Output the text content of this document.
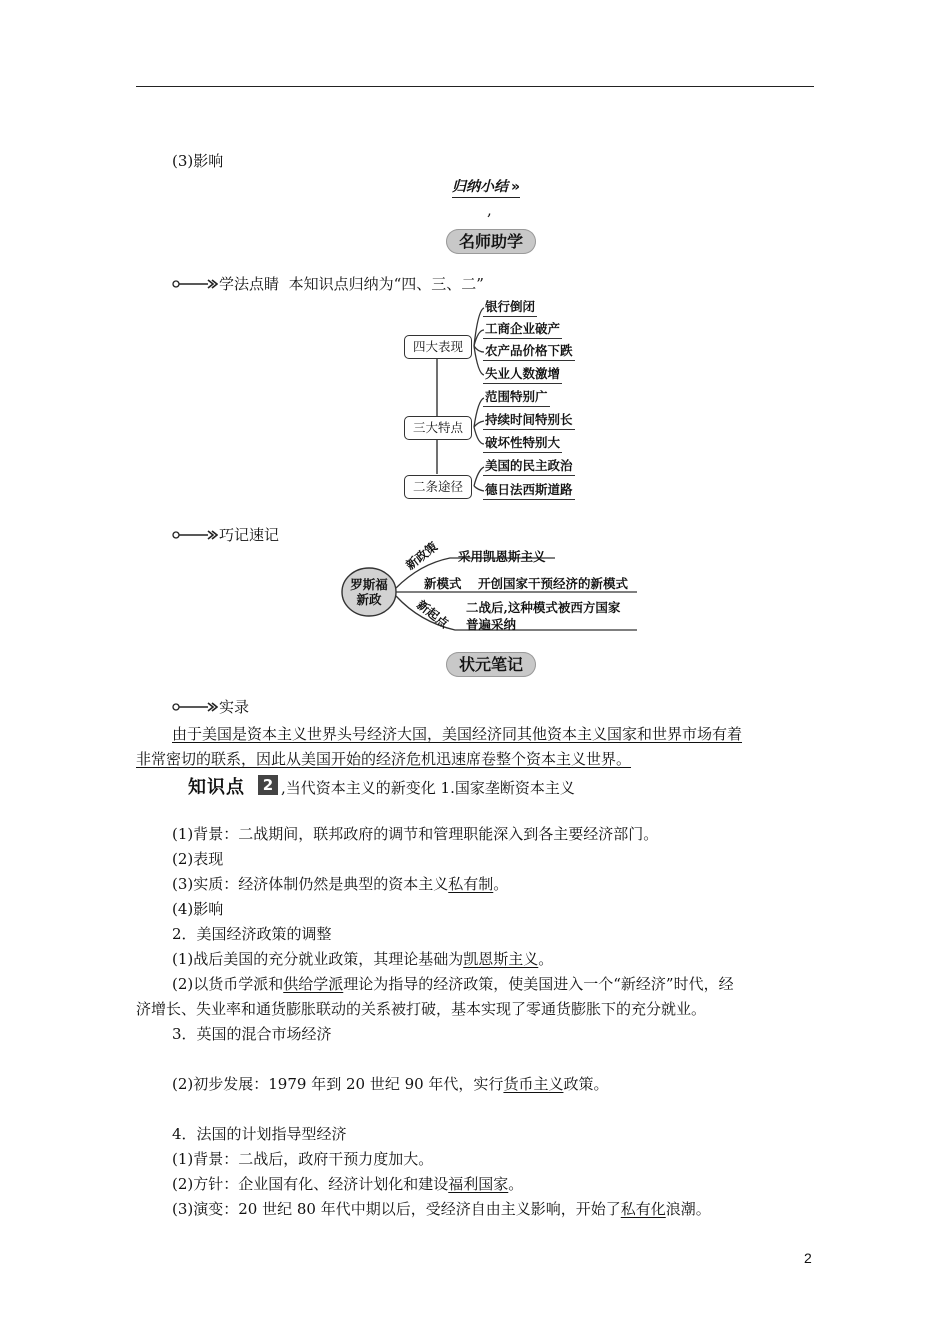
(3)影响
归纳小结 »
,
名师助学
学法点睛 本知识点归纳为“四、三、二”
四大表现
三大特点
二条途径
银行倒闭
工商企业破产
农产品价格下跌
失业人数激增
范围特别广
持续时间特别长
破坏性特别大
美国的民主政治
德日法西斯道路
巧记速记
罗斯福
新政
新政策 采用凯恩斯主义
新模式 开创国家干预经济的新模式
新起点 二战后,这种模式被西方国家
普遍采纳
状元笔记
实录
由于美国是资本主义世界头号经济大国，美国经济同其他资本主义国家和世界市场有着
非常密切的联系，因此从美国开始的经济危机迅速席卷整个资本主义世界。
知识点	2 ,当代资本主义的新变化 1.国家垄断资本主义
(1)背景：二战期间，联邦政府的调节和管理职能深入到各主要经济部门。
(2)表现
(3)实质：经济体制仍然是典型的资本主义私有制。
(4)影响
2．美国经济政策的调整
(1)战后美国的充分就业政策，其理论基础为凯恩斯主义。
(2)以货币学派和供给学派理论为指导的经济政策，使美国进入一个“新经济”时代，经
济增长、失业率和通货膨胀联动的关系被打破，基本实现了零通货膨胀下的充分就业。
3．英国的混合市场经济
(2)初步发展：1979 年到 20 世纪 90 年代，实行货币主义政策。
4．法国的计划指导型经济
(1)背景：二战后，政府干预力度加大。
(2)方针：企业国有化、经济计划化和建设福利国家。
(3)演变：20 世纪 80 年代中期以后，受经济自由主义影响，开始了私有化浪潮。
2
